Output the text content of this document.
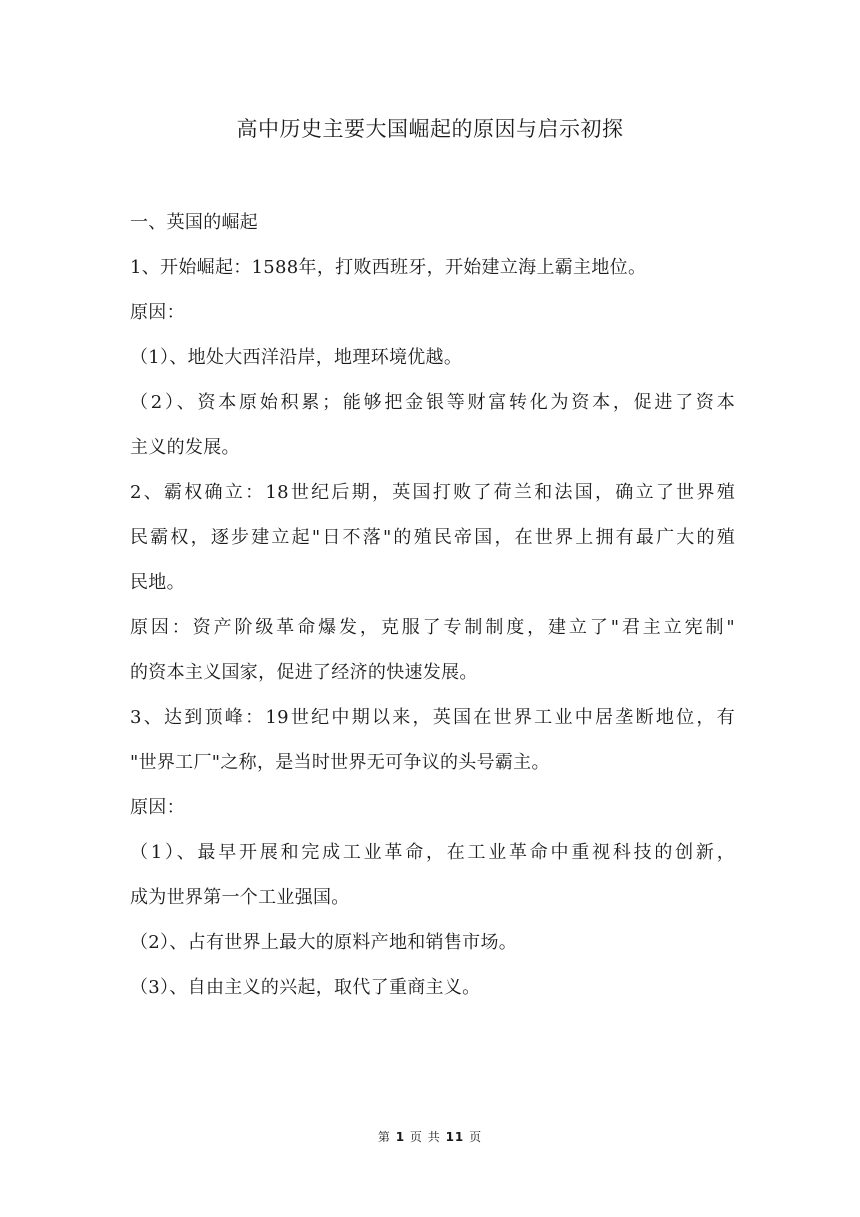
高中历史主要大国崛起的原因与启示初探
一、英国的崛起
1、开始崛起：1588年，打败西班牙，开始建立海上霸主地位。
原因：
（1）、地处大西洋沿岸，地理环境优越。
（2）、资本原始积累；能够把金银等财富转化为资本，促进了资本
主义的发展。
2、霸权确立：18世纪后期，英国打败了荷兰和法国，确立了世界殖
民霸权，逐步建立起"日不落"的殖民帝国，在世界上拥有最广大的殖
民地。
原因：资产阶级革命爆发，克服了专制制度，建立了"君主立宪制"
的资本主义国家，促进了经济的快速发展。
3、达到顶峰：19世纪中期以来，英国在世界工业中居垄断地位，有
"世界工厂"之称，是当时世界无可争议的头号霸主。
原因：
（1）、最早开展和完成工业革命，在工业革命中重视科技的创新，
成为世界第一个工业强国。
（2）、占有世界上最大的原料产地和销售市场。
（3）、自由主义的兴起，取代了重商主义。
第 1 页 共 11 页
